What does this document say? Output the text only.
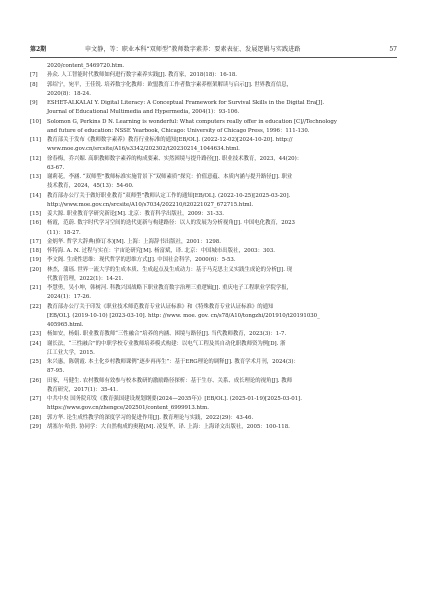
第2期	申文静，等：职业本科“双师型”教师数字素养：要素表征、发展逻辑与实践进路	57
2020/content_5469720.htm.
[7] 孙众. 人工智能时代教师如何进行数字素养实践[J]. 教育家，2018(18)：16-18.
[8] 郭绍宁，宛平，王佳锐. 培养数字化教师：欧盟教育工作者数字素养框架解读与启示[J]. 世界教育信息，
2020(8)：18-24.
[9] ESHET-ALKALAI Y. Digital Literacy: A Conceptual Framework for Survival Skills in the Digital Era[J].
Journal of Educational Multimedia and Hypermedia, 2004(1)：93-106.
[10] Solomon G, Perkins D N. Learning is wonderful: What computers really offer in education [C]//Technology
and future of education: NSSE Yearbook, Chicago: University of Chicago Press, 1996：111-130.
[11] 教育部关于发布《教师数字素养》教育行业标准的通知[EB/OL]. (2022-12-02)[2024-10-20]. http://
www.moe.gov.cn/srcsite/A16/s3342/202302/t20230214_1044634.html.
[12] 徐春梅，乔兴媚. 高职教师数字素养的构成要素、实然困境与提升路径[J]. 职业技术教育，2023，44(20)：
63-67.
[13] 谢莉花，李涵. “双师型”教师标准实施背景下“双师素质”探究：价值意蕴、本质内涵与提升路径[J]. 职业
技术教育，2024，45(13)：54-60.
[14] 教育部办公厅关于做好职业教育“双师型”教师认定工作的通知[EB/OL]. (2022-10-25)[2025-03-20].
http://www.moe.gov.cn/srcsite/A10/s7034/202210/t20221027_672715.html.
[15] 姜大源. 职业教育学研究新论[M]. 北京：教育科学出版社，2009：31-33.
[16] 杨霞，范蔚. 数字时代学习空间的迭代更新与构建路径：以人的发展为分析视角[J]. 中国电化教育，2023
(11)：18-27.
[17] 金炳华. 哲学大辞典(修订本)[M]. 上海：上海辞书出版社，2001：1298.
[18] 怀特海. A. N. 过程与实在：宇宙论研究[M]. 杨富斌，译. 北京：中国城市出版社，2003：303.
[19] 李文阁. 生成性思维：现代哲学的思维方式[J]. 中国社会科学，2000(6)：5-53.
[20] 林杰，蒲瑶. 世界一流大学的生成本质、生成起点及生成动力：基于马克思主义实践生成论的分析[J]. 现
代教育管理，2022(1)：14-21.
[21] 李慧勇，吴小坤，韩树河. 科教兴国战略下职业教育数字治理三重逻辑[J]. 重庆电子工程职业学院学报，
2024(1)：17-26.
[22] 教育部办公厅关于印发《职业技术师范教育专业认证标准》和《特殊教育专业认证标准》的通知
[EB/OL]. (2019-10-10) [2023-03-10]. http: //www. moe. gov. cn/s78/A10/tongzhi/201910/t20191030_
405965.html.
[23] 杨如安，杨娟. 职业教育教师“三性融合”培养的内涵、困境与路径[J]. 当代教师教育，2023(3)：1-7.
[24] 谢长法，“三性融合”的中职学校专业教师培养模式构建：以电气工程及其自动化职教师资为例[D]. 浙
江工业大学，2015.
[25] 朱兴惠，陈朝霞. 本土化乡村教师课例“逐步再再生”：基于ERG理论的调释[J]. 教育学术月刊，2024(3)：
87-95.
[26] 田家，马健生. 农村教师有效参与校本教研的激励路径探析：基于生存、关系、成长理论的视角[J]. 教师
教育研究，2017(1)：35-41.
[27] 中共中央 国务院印发《教育强国建设规划纲要(2024—2035年)》[EB/OL]. (2025-01-19)[2025-03-01].
https://www.gov.cn/zhengce/202501/content_6999913.htm.
[28] 郭方华. 论生成性教学的深度学习的促进作用[J]. 教育理论与实践，2022(29)：43-46.
[29] 胡塞尔·哈贵. 协同学：大自然构成的奥秘[M]. 凌复华，译. 上海：上海译文出版社，2005：100-118.
